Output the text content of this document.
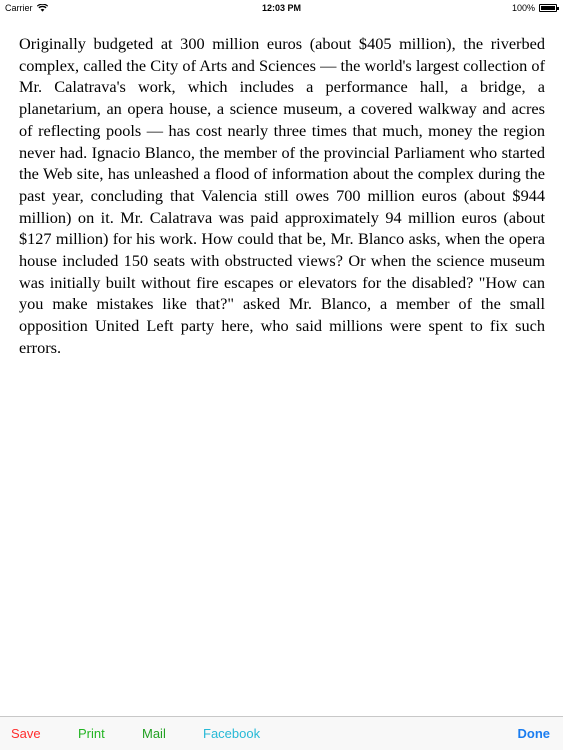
Carrier	12:03 PM	100%

Originally budgeted at 300 million euros (about $405 million), the riverbed complex, called the City of Arts and Sciences — the world's largest collection of Mr. Calatrava's work, which includes a performance hall, a bridge, a planetarium, an opera house, a science museum, a covered walkway and acres of reflecting pools — has cost nearly three times that much, money the region never had. Ignacio Blanco, the member of the provincial Parliament who started the Web site, has unleashed a flood of information about the complex during the past year, concluding that Valencia still owes 700 million euros (about $944 million) on it. Mr. Calatrava was paid approximately 94 million euros (about $127 million) for his work. How could that be, Mr. Blanco asks, when the opera house included 150 seats with obstructed views? Or when the science museum was initially built without fire escapes or elevators for the disabled? "How can you make mistakes like that?" asked Mr. Blanco, a member of the small opposition United Left party here, who said millions were spent to fix such errors.

Save	Print	Mail	Facebook	Done
